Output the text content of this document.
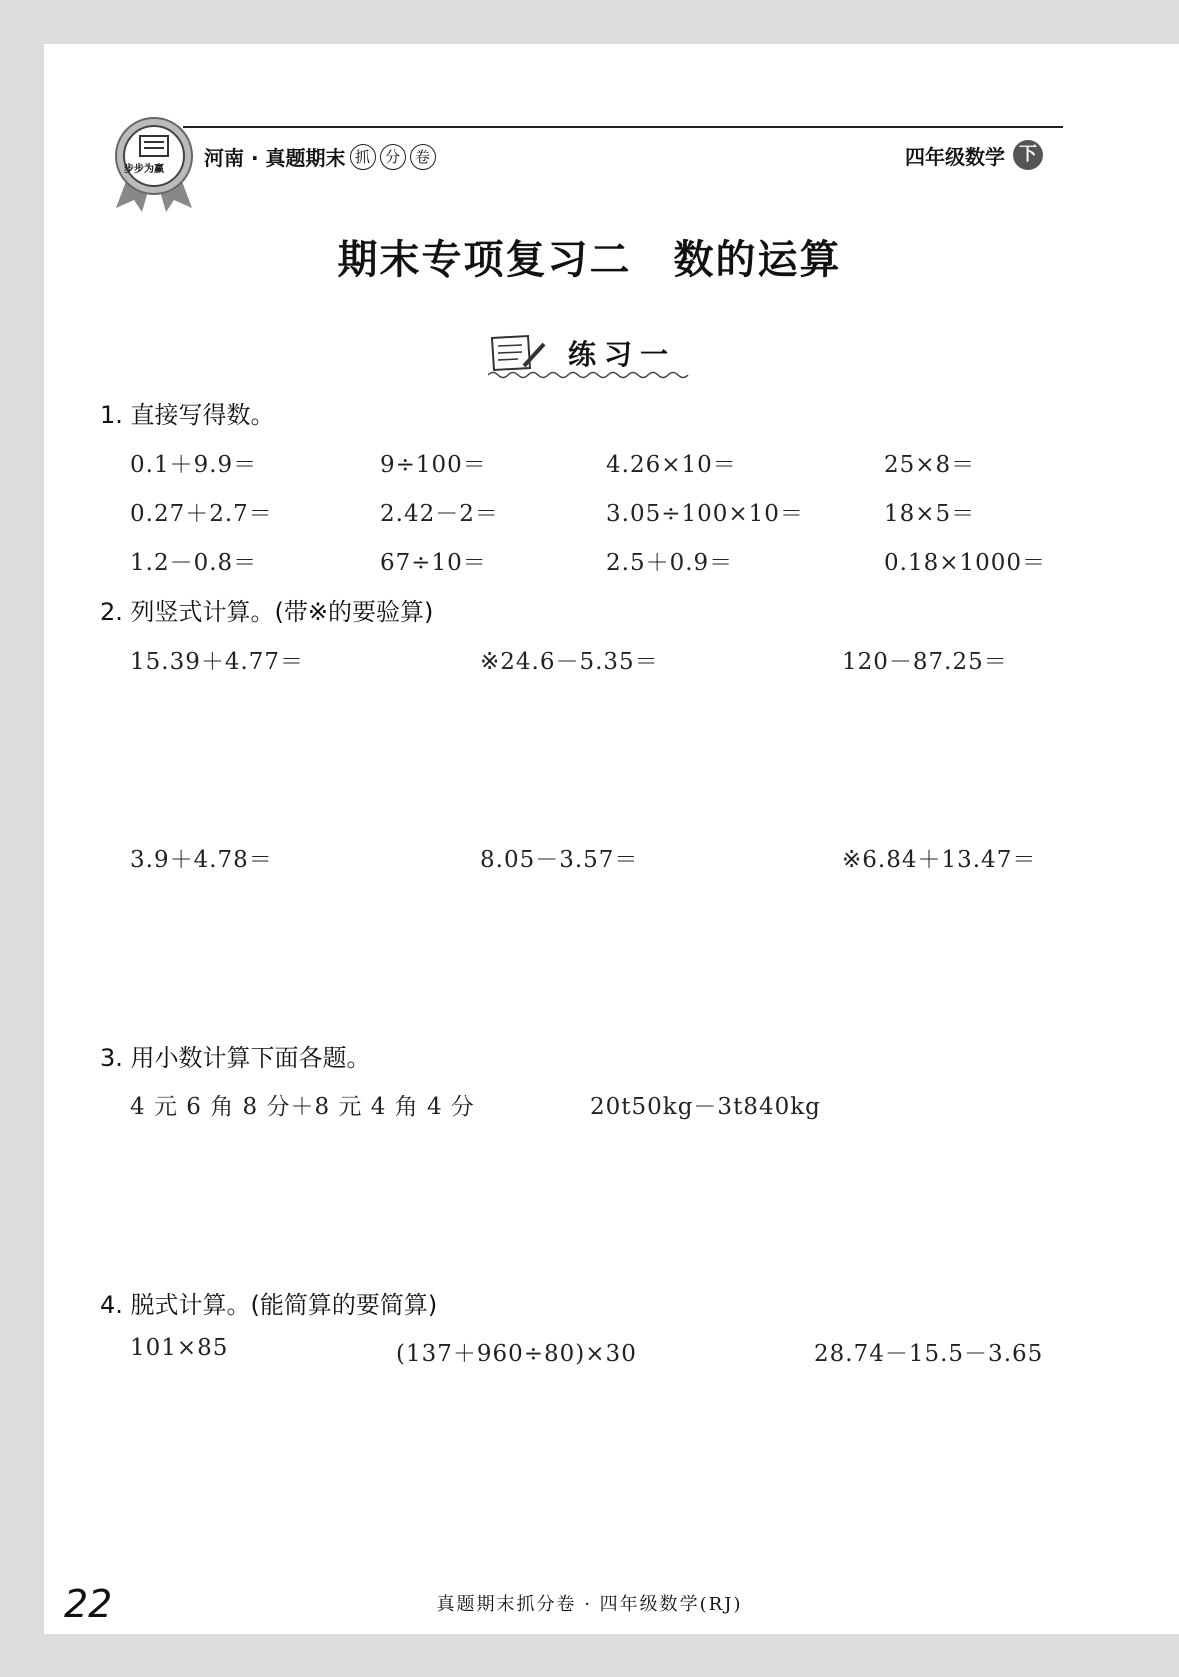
步步为赢 河南 · 真题期末 抓 分 卷	四年级数学 下
期末专项复习二　数的运算
练习一
1. 直接写得数。
0.1＋9.9＝	9÷100＝	4.26×10＝	25×8＝
0.27＋2.7＝	2.42－2＝	3.05÷100×10＝	18×5＝
1.2－0.8＝	67÷10＝	2.5＋0.9＝	0.18×1000＝
2. 列竖式计算。(带※的要验算)
15.39＋4.77＝	※24.6－5.35＝	120－87.25＝
3.9＋4.78＝	8.05－3.57＝	※6.84＋13.47＝
3. 用小数计算下面各题。
4 元 6 角 8 分＋8 元 4 角 4 分	20t50kg－3t840kg
4. 脱式计算。(能简算的要简算)
101×85	(137＋960÷80)×30	28.74－15.5－3.65
22	真题期末抓分卷 · 四年级数学(RJ)
